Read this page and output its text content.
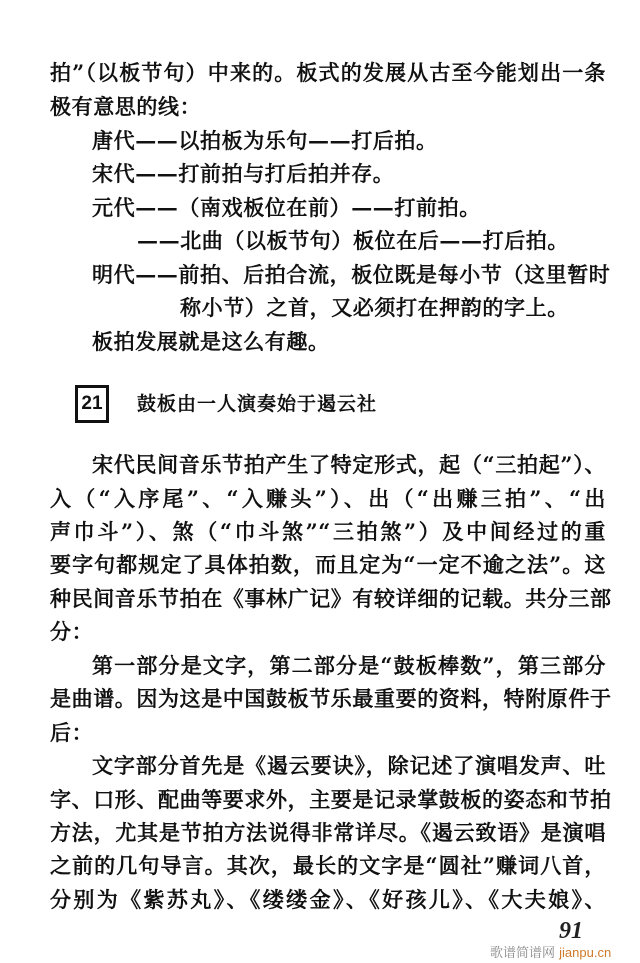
拍”（以板节句）中来的。板式的发展从古至今能划出一条
极有意思的线：
唐代——以拍板为乐句——打后拍。
宋代——打前拍与打后拍并存。
元代——（南戏板位在前）——打前拍。
——北曲（以板节句）板位在后——打后拍。
明代——前拍、后拍合流，板位既是每小节（这里暂时
称小节）之首，又必须打在押韵的字上。
板拍发展就是这么有趣。
21 鼓板由一人演奏始于遏云社
宋代民间音乐节拍产生了特定形式，起（“三拍起”）、
入（“入序尾”、“入赚头”）、出（“出赚三拍”、“出
声巾斗”）、煞（“巾斗煞”“三拍煞”）及中间经过的重
要字句都规定了具体拍数，而且定为“一定不逾之法”。这
种民间音乐节拍在《事林广记》有较详细的记载。共分三部
分：
第一部分是文字，第二部分是“鼓板棒数”，第三部分
是曲谱。因为这是中国鼓板节乐最重要的资料，特附原件于
后：
文字部分首先是《遏云要诀》，除记述了演唱发声、吐
字、口形、配曲等要求外，主要是记录掌鼓板的姿态和节拍
方法，尤其是节拍方法说得非常详尽。《遏云致语》是演唱
之前的几句导言。其次，最长的文字是“圆社”赚词八首，
分别为《紫苏丸》、《缕缕金》、《好孩儿》、《大夫娘》、
91
歌谱简谱网 jianpu.cn
